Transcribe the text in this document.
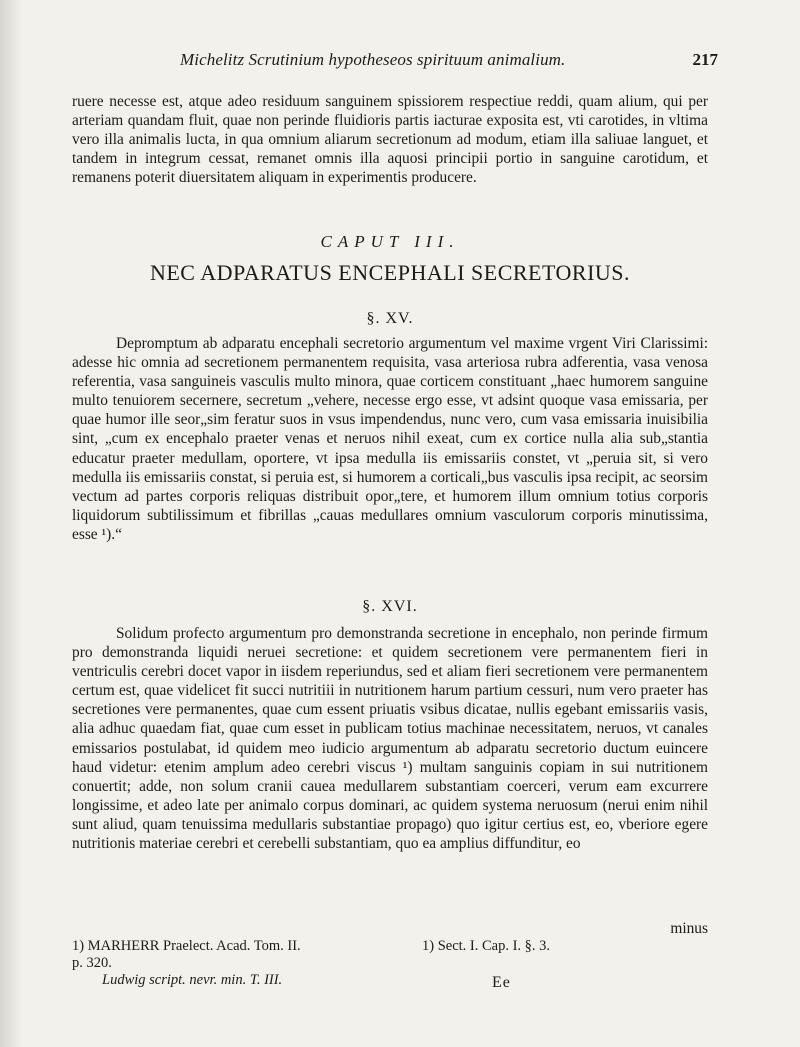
Michelitz Scrutinium hypotheseos spirituum animalium.	217

ruere necesse est, atque adeo residuum sanguinem spissiorem respectiue reddi, quam alium, qui per arteriam quandam fluit, quae non perinde fluidioris partis iacturae exposita est, vti carotides, in vltima vero illa animalis lucta, in qua omnium aliarum secretionum ad modum, etiam illa saliuae languet, et tandem in integrum cessat, remanet omnis illa aquosi principii portio in sanguine carotidum, et remanens poterit diuersitatem aliquam in experimentis producere.

CAPUT III.
NEC ADPARATUS ENCEPHALI SECRETORIUS.
§. XV.

Depromptum ab adparatu encephali secretorio argumentum vel maxime vrgent Viri Clarissimi: adesse hic omnia ad secretionem permanentem requisita, vasa arteriosa rubra adferentia, vasa venosa referentia, vasa sanguineis vasculis multo minora, quae corticem constituant „haec humorem sanguine multo tenuiorem secernere, secretum „vehere, necesse ergo esse, vt adsint quoque vasa emissaria, per quae humor ille seor„sim feratur suos in vsus impendendus, nunc vero, cum vasa emissaria inuisibilia sint, „cum ex encephalo praeter venas et neruos nihil exeat, cum ex cortice nulla alia sub„stantia educatur praeter medullam, oportere, vt ipsa medulla iis emissariis constet, vt „peruia sit, si vero medulla iis emissariis constat, si peruia est, si humorem a corticali„bus vasculis ipsa recipit, ac seorsim vectum ad partes corporis reliquas distribuit opor„tere, et humorem illum omnium totius corporis liquidorum subtilissimum et fibrillas „cauas medullares omnium vasculorum corporis minutissima, esse ¹).“

§. XVI.

Solidum profecto argumentum pro demonstranda secretione in encephalo, non perinde firmum pro demonstranda liquidi neruei secretione: et quidem secretionem vere permanentem fieri in ventriculis cerebri docet vapor in iisdem reperiundus, sed et aliam fieri secretionem vere permanentem certum est, quae videlicet fit succi nutritiii in nutritionem harum partium cessuri, num vero praeter has secretiones vere permanentes, quae cum essent priuatis vsibus dicatae, nullis egebant emissariis vasis, alia adhuc quaedam fiat, quae cum esset in publicam totius machinae necessitatem, neruos, vt canales emissarios postulabat, id quidem meo iudicio argumentum ab adparatu secretorio ductum euincere haud videtur: etenim amplum adeo cerebri viscus ¹) multam sanguinis copiam in sui nutritionem conuertit; adde, non solum cranii cauea medullarem substantiam coerceri, verum eam excurrere longissime, et adeo late per animalo corpus dominari, ac quidem systema neruosum (nerui enim nihil sunt aliud, quam tenuissima medullaris substantiae propago) quo igitur certius est, eo, vberiore egere nutritionis materiae cerebri et cerebelli substantiam, quo ea amplius diffunditur, eo

minus
1) MARHERR Praelect. Acad. Tom. II.
p. 320.
Ludwig script. nevr. min. T. III.
1) Sect. I. Cap. I. §. 3.
Ee
